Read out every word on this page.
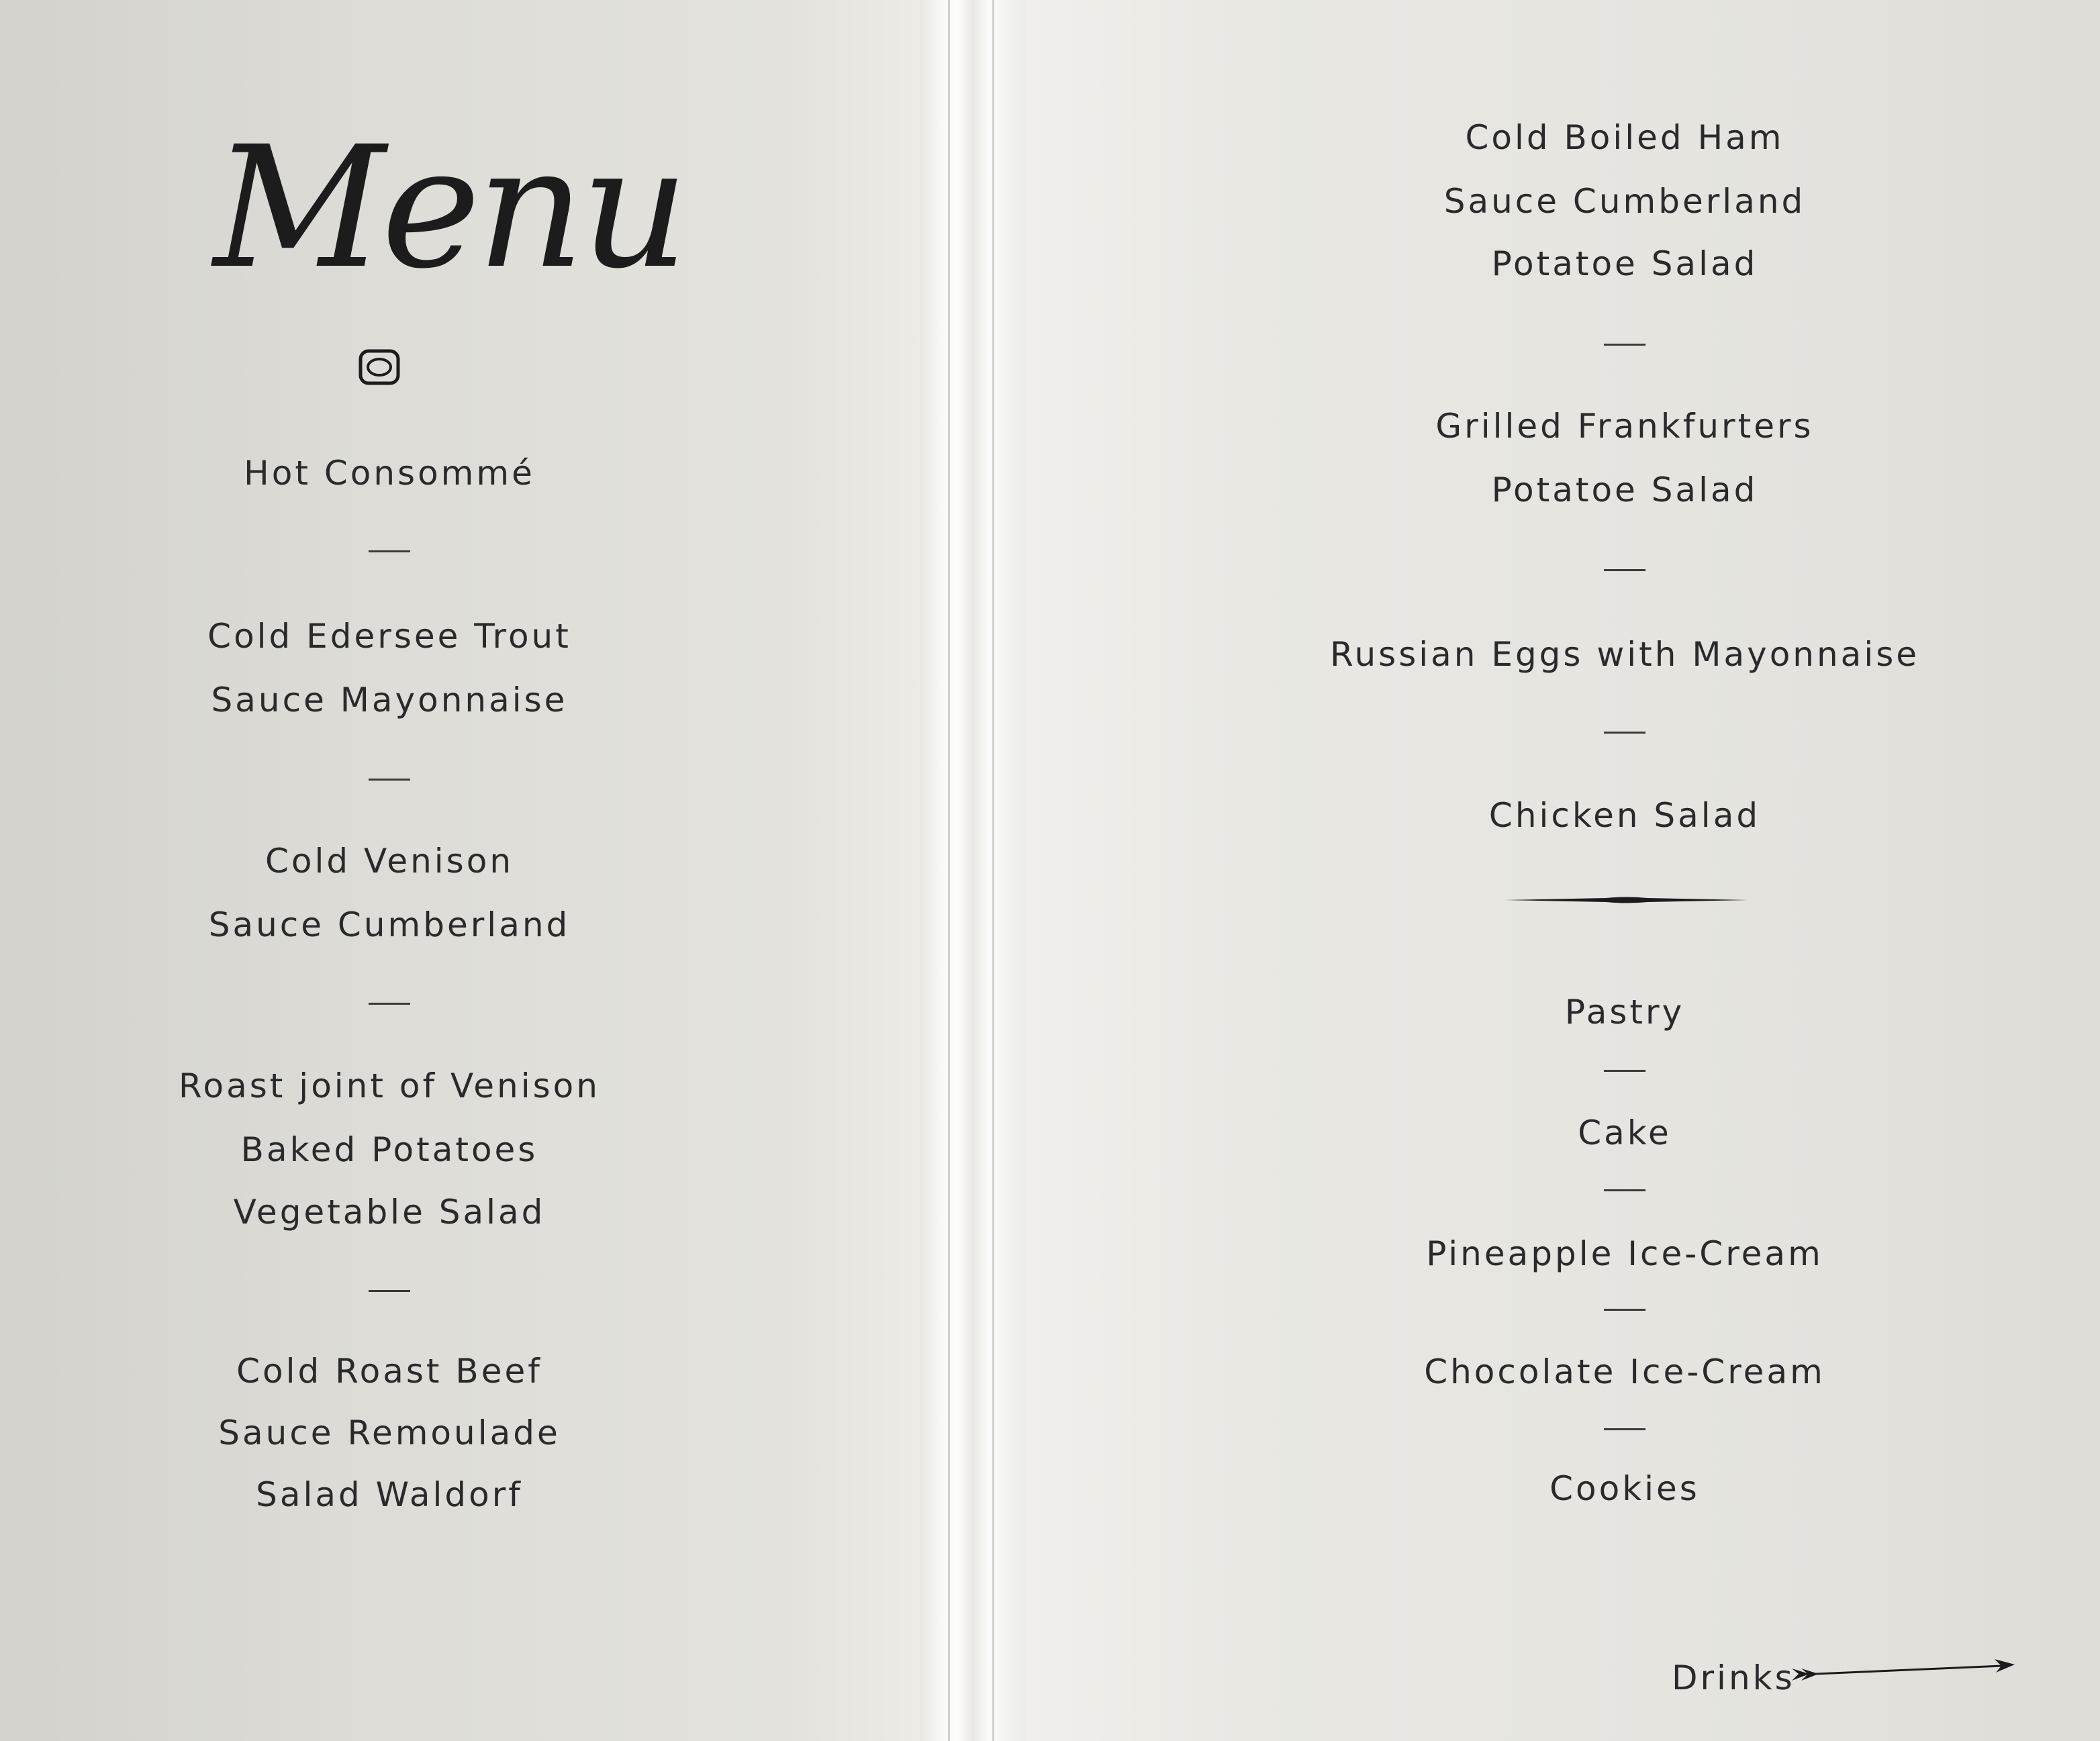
Menu
Hot Consommé
Cold Edersee Trout
Sauce Mayonnaise
Cold Venison
Sauce Cumberland
Roast joint of Venison
Baked Potatoes
Vegetable Salad
Cold Roast Beef
Sauce Remoulade
Salad Waldorf
Cold Boiled Ham
Sauce Cumberland
Potatoe Salad
Grilled Frankfurters
Potatoe Salad
Russian Eggs with Mayonnaise
Chicken Salad
Pastry
Cake
Pineapple Ice-Cream
Chocolate Ice-Cream
Cookies
Drinks
